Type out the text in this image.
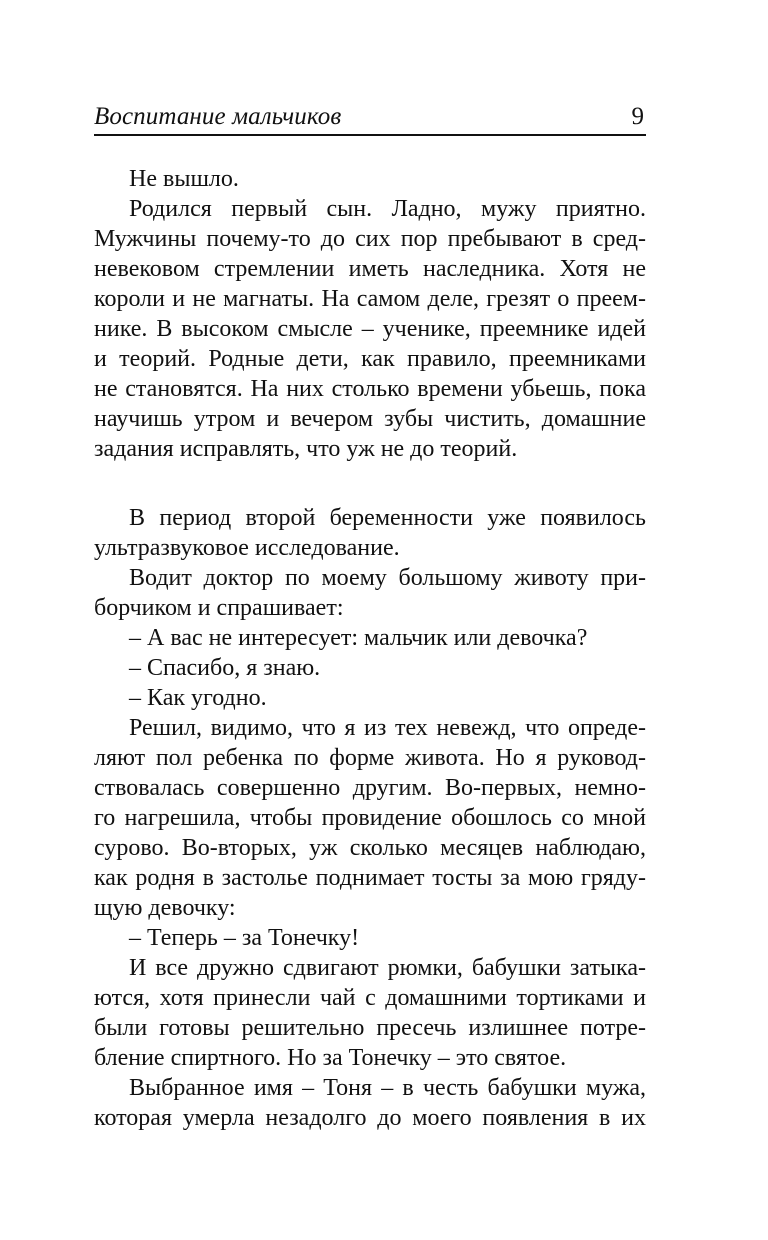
Воспитание мальчиков	9
Не вышло.
Родился первый сын. Ладно, мужу приятно.
Мужчины почему-то до сих пор пребывают в сред-
невековом стремлении иметь наследника. Хотя не
короли и не магнаты. На самом деле, грезят о преем-
нике. В высоком смысле – ученике, преемнике идей
и теорий. Родные дети, как правило, преемниками
не становятся. На них столько времени убьешь, пока
научишь утром и вечером зубы чистить, домашние
задания исправлять, что уж не до теорий.
В период второй беременности уже появилось
ультразвуковое исследование.
Водит доктор по моему большому животу при-
борчиком и спрашивает:
– А вас не интересует: мальчик или девочка?
– Спасибо, я знаю.
– Как угодно.
Решил, видимо, что я из тех невежд, что опреде-
ляют пол ребенка по форме живота. Но я руковод-
ствовалась совершенно другим. Во-первых, немно-
го нагрешила, чтобы провидение обошлось со мной
сурово. Во-вторых, уж сколько месяцев наблюдаю,
как родня в застолье поднимает тосты за мою гряду-
щую девочку:
– Теперь – за Тонечку!
И все дружно сдвигают рюмки, бабушки затыка-
ются, хотя принесли чай с домашними тортиками и
были готовы решительно пресечь излишнее потре-
бление спиртного. Но за Тонечку – это святое.
Выбранное имя – Тоня – в честь бабушки мужа,
которая умерла незадолго до моего появления в их
